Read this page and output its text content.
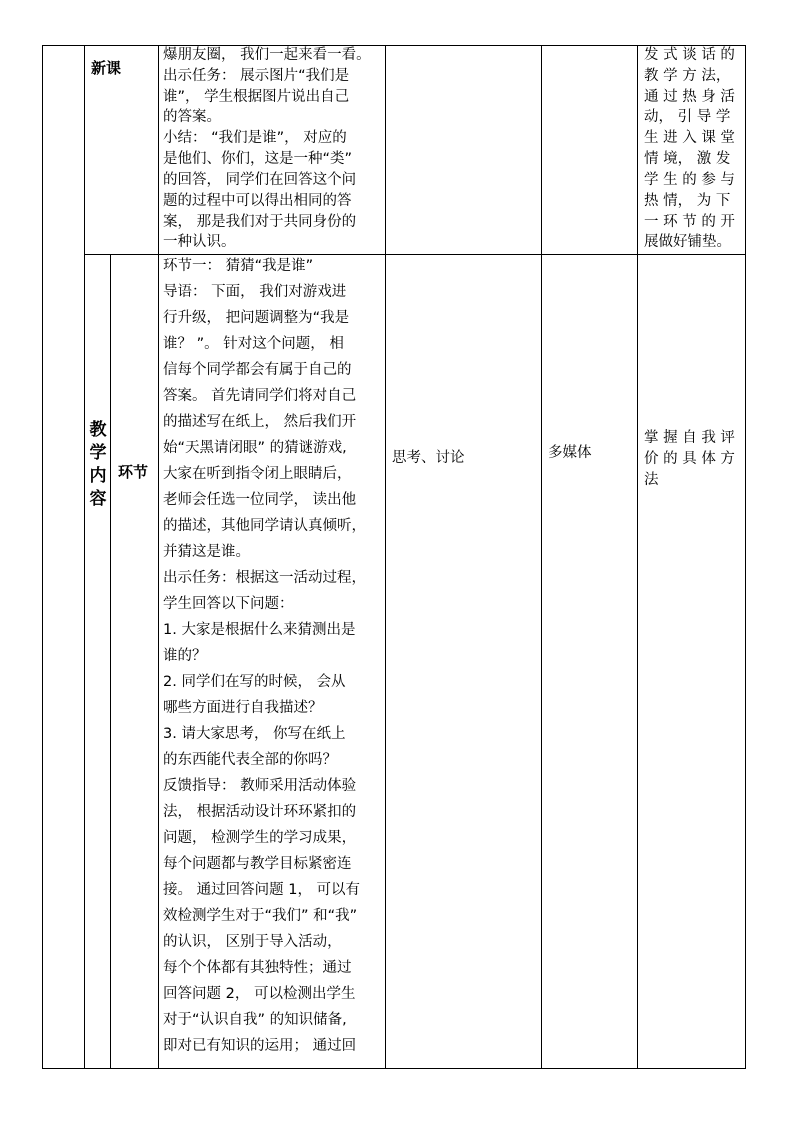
新课
爆朋友圈， 我们一起来看一看。
出示任务： 展示图片“我们是
谁”， 学生根据图片说出自己
的答案。
小结： “我们是谁”， 对应的
是他们、你们，这是一种“类”
的回答， 同学们在回答这个问
题的过程中可以得出相同的答
案， 那是我们对于共同身份的
一种认识。
发 式 谈 话 的
教 学 方 法，
通 过 热 身 活
动， 引 导 学
生 进 入 课 堂
情 境， 激 发
学 生 的 参 与
热 情， 为 下
一 环 节 的 开
展做好铺垫。
教
学
内
容
环节
环节一： 猜猜“我是谁”
导语： 下面， 我们对游戏进
行升级， 把问题调整为“我是
谁？ ”。 针对这个问题， 相
信每个同学都会有属于自己的
答案。 首先请同学们将对自己
的描述写在纸上， 然后我们开
始“天黑请闭眼” 的猜谜游戏,
大家在听到指令闭上眼睛后，
老师会任选一位同学， 读出他
的描述，其他同学请认真倾听，
并猜这是谁。
出示任务：根据这一活动过程，
学生回答以下问题：
1. 大家是根据什么来猜测出是
谁的？
2. 同学们在写的时候， 会从
哪些方面进行自我描述？
3. 请大家思考， 你写在纸上
的东西能代表全部的你吗？
反馈指导： 教师采用活动体验
法， 根据活动设计环环紧扣的
问题， 检测学生的学习成果，
每个问题都与教学目标紧密连
接。 通过回答问题 1， 可以有
效检测学生对于“我们” 和“我”
的认识， 区别于导入活动，
每个个体都有其独特性；通过
回答问题 2， 可以检测出学生
对于“认识自我” 的知识储备,
即对已有知识的运用； 通过回
思考、讨论	多媒体
掌 握 自 我 评
价 的 具 体 方
法
